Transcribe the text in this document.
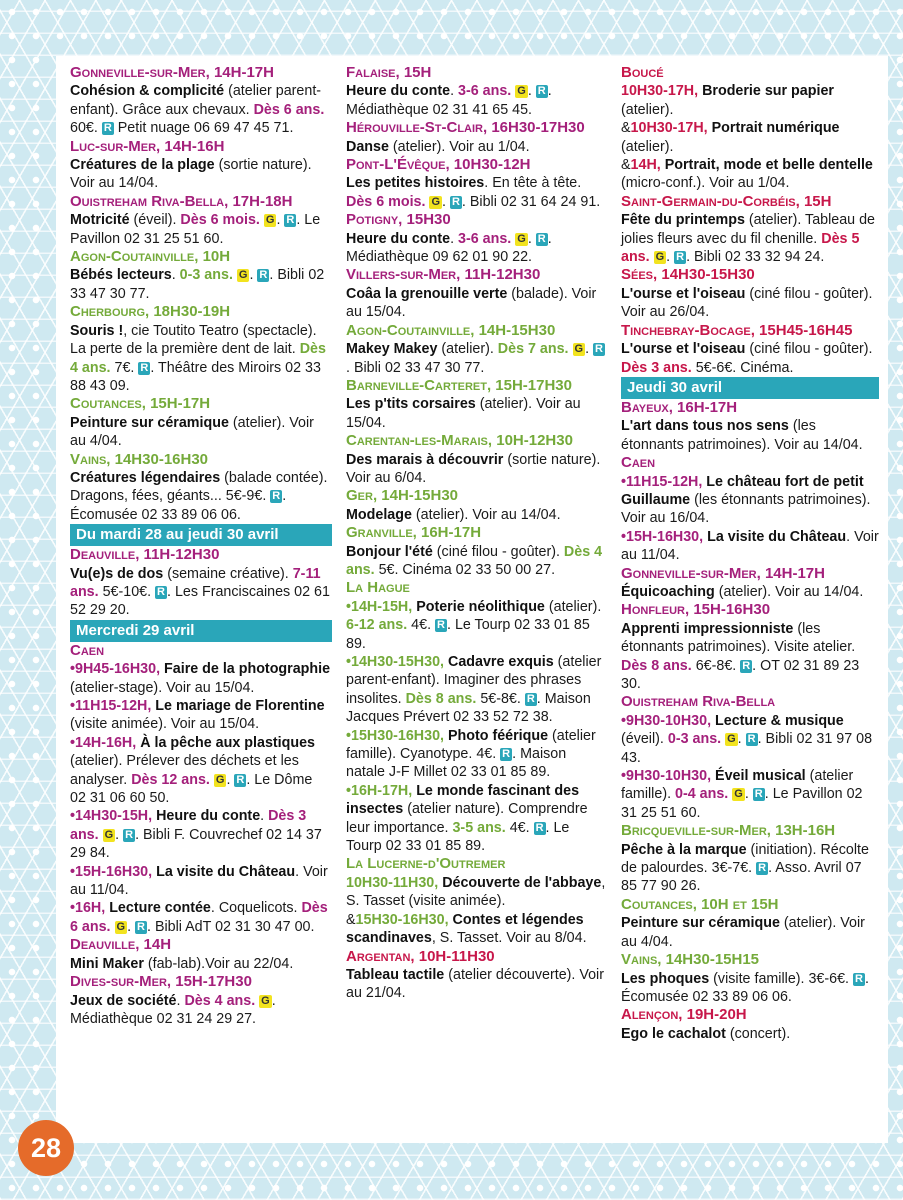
Gonneville-sur-Mer, 14H-17H
Cohésion & complicité (atelier parent-enfant). Grâce aux chevaux. Dès 6 ans. 60€. R Petit nuage 06 69 47 45 71.
Luc-sur-Mer, 14H-16H
Créatures de la plage (sortie nature). Voir au 14/04.
Ouistreham Riva-Bella, 17H-18H
Motricité (éveil). Dès 6 mois. G . R . Le Pavillon 02 31 25 51 60.
Agon-Coutainville, 10H
Bébés lecteurs. 0-3 ans. G . R . Bibli 02 33 47 30 77.
Cherbourg, 18H30-19H
Souris !, cie Toutito Teatro (spectacle). La perte de la première dent de lait. Dès 4 ans. 7€. R . Théâtre des Miroirs 02 33 88 43 09.
Coutances, 15H-17H
Peinture sur céramique (atelier). Voir au 4/04.
Vains, 14H30-16H30
Créatures légendaires (balade contée). Dragons, fées, géants... 5€-9€. R . Écomusée 02 33 89 06 06.
Du mardi 28 au jeudi 30 avril
Deauville, 11H-12H30
Vu(e)s de dos (semaine créative). 7-11 ans. 5€-10€. R . Les Franciscaines 02 61 52 29 20.
Mercredi 29 avril
Caen
• 9H45-16H30, Faire de la photographie (atelier-stage). Voir au 15/04.
• 11H15-12H, Le mariage de Florentine (visite animée). Voir au 15/04.
• 14H-16H, À la pêche aux plastiques (atelier). Prélever des déchets et les analyser. Dès 12 ans. G . R . Le Dôme 02 31 06 60 50.
• 14H30-15H, Heure du conte. Dès 3 ans. G . R . Bibli F. Couvrechef 02 14 37 29 84.
• 15H-16H30, La visite du Château. Voir au 11/04.
• 16H, Lecture contée. Coquelicots. Dès 6 ans. G . R . Bibli AdT 02 31 30 47 00.
Deauville, 14H
Mini Maker (fab-lab).Voir au 22/04.
Dives-sur-Mer, 15H-17H30
Jeux de société. Dès 4 ans. G . Médiathèque 02 31 24 29 27.
Falaise, 15H
Heure du conte. 3-6 ans. G . R . Médiathèque 02 31 41 65 45.
Hérouville-St-Clair, 16H30-17H30
Danse (atelier). Voir au 1/04.
Pont-L'Évêque, 10H30-12H
Les petites histoires. En tête à tête. Dès 6 mois. G . R . Bibli 02 31 64 24 91.
Potigny, 15H30
Heure du conte. 3-6 ans. G . R . Médiathèque 09 62 01 90 22.
Villers-sur-Mer, 11H-12H30
Coâa la grenouille verte (balade). Voir au 15/04.
Agon-Coutainville, 14H-15H30
Makey Makey (atelier). Dès 7 ans. G . R. Bibli 02 33 47 30 77.
Barneville-Carteret, 15H-17H30
Les p'tits corsaires (atelier). Voir au 15/04.
Carentan-les-Marais, 10H-12H30
Des marais à découvrir (sortie nature). Voir au 6/04.
Ger, 14H-15H30
Modelage (atelier). Voir au 14/04.
Granville, 16H-17H
Bonjour l'été (ciné filou - goûter). Dès 4 ans. 5€. Cinéma 02 33 50 00 27.
La Hague
• 14H-15H, Poterie néolithique (atelier). 6-12 ans. 4€. R . Le Tourp 02 33 01 85 89.
• 14H30-15H30, Cadavre exquis (atelier parent-enfant). Imaginer des phrases insolites. Dès 8 ans. 5€-8€. R . Maison Jacques Prévert 02 33 52 72 38.
• 15H30-16H30, Photo féérique (atelier famille). Cyanotype. 4€. R . Maison natale J-F Millet 02 33 01 85 89.
• 16H-17H, Le monde fascinant des insectes (atelier nature). Comprendre leur importance. 3-5 ans. 4€. R . Le Tourp 02 33 01 85 89.
La Lucerne-d'Outremer
10H30-11H30, Découverte de l'abbaye, S. Tasset (visite animée).
&15H30-16H30, Contes et légendes scandinaves, S. Tasset. Voir au 8/04.
Argentan, 10H-11H30
Tableau tactile (atelier découverte). Voir au 21/04.
Boucé
10H30-17H, Broderie sur papier (atelier).
&10H30-17H, Portrait numérique (atelier).
&14H, Portrait, mode et belle dentelle (micro-conf.). Voir au 1/04.
Saint-Germain-du-Corbéis, 15H
Fête du printemps (atelier). Tableau de jolies fleurs avec du fil chenille. Dès 5 ans. G . R . Bibli 02 33 32 94 24.
Sées, 14H30-15H30
L'ourse et l'oiseau (ciné filou - goûter). Voir au 26/04.
Tinchebray-Bocage, 15H45-16H45
L'ourse et l'oiseau (ciné filou - goûter). Dès 3 ans. 5€-6€. Cinéma.
Jeudi 30 avril
Bayeux, 16H-17H
L'art dans tous nos sens (les étonnants patrimoines). Voir au 14/04.
Caen
• 11H15-12H, Le château fort de petit Guillaume (les étonnants patrimoines). Voir au 16/04.
• 15H-16H30, La visite du Château. Voir au 11/04.
Gonneville-sur-Mer, 14H-17H
Équicoaching (atelier). Voir au 14/04.
Honfleur, 15H-16H30
Apprenti impressionniste (les étonnants patrimoines). Visite atelier. Dès 8 ans. 6€-8€. R . OT 02 31 89 23 30.
Ouistreham Riva-Bella
• 9H30-10H30, Lecture & musique (éveil). 0-3 ans. G . R . Bibli 02 31 97 08 43.
• 9H30-10H30, Éveil musical (atelier famille). 0-4 ans. G . R . Le Pavillon 02 31 25 51 60.
Bricqueville-sur-Mer, 13H-16H
Pêche à la marque (initiation). Récolte de palourdes. 3€-7€. R . Asso. Avril 07 85 77 90 26.
Coutances, 10H et 15H
Peinture sur céramique (atelier). Voir au 4/04.
Vains, 14H30-15H15
Les phoques (visite famille). 3€-6€. R . Écomusée 02 33 89 06 06.
Alençon, 19H-20H
Ego le cachalot (concert).
28
